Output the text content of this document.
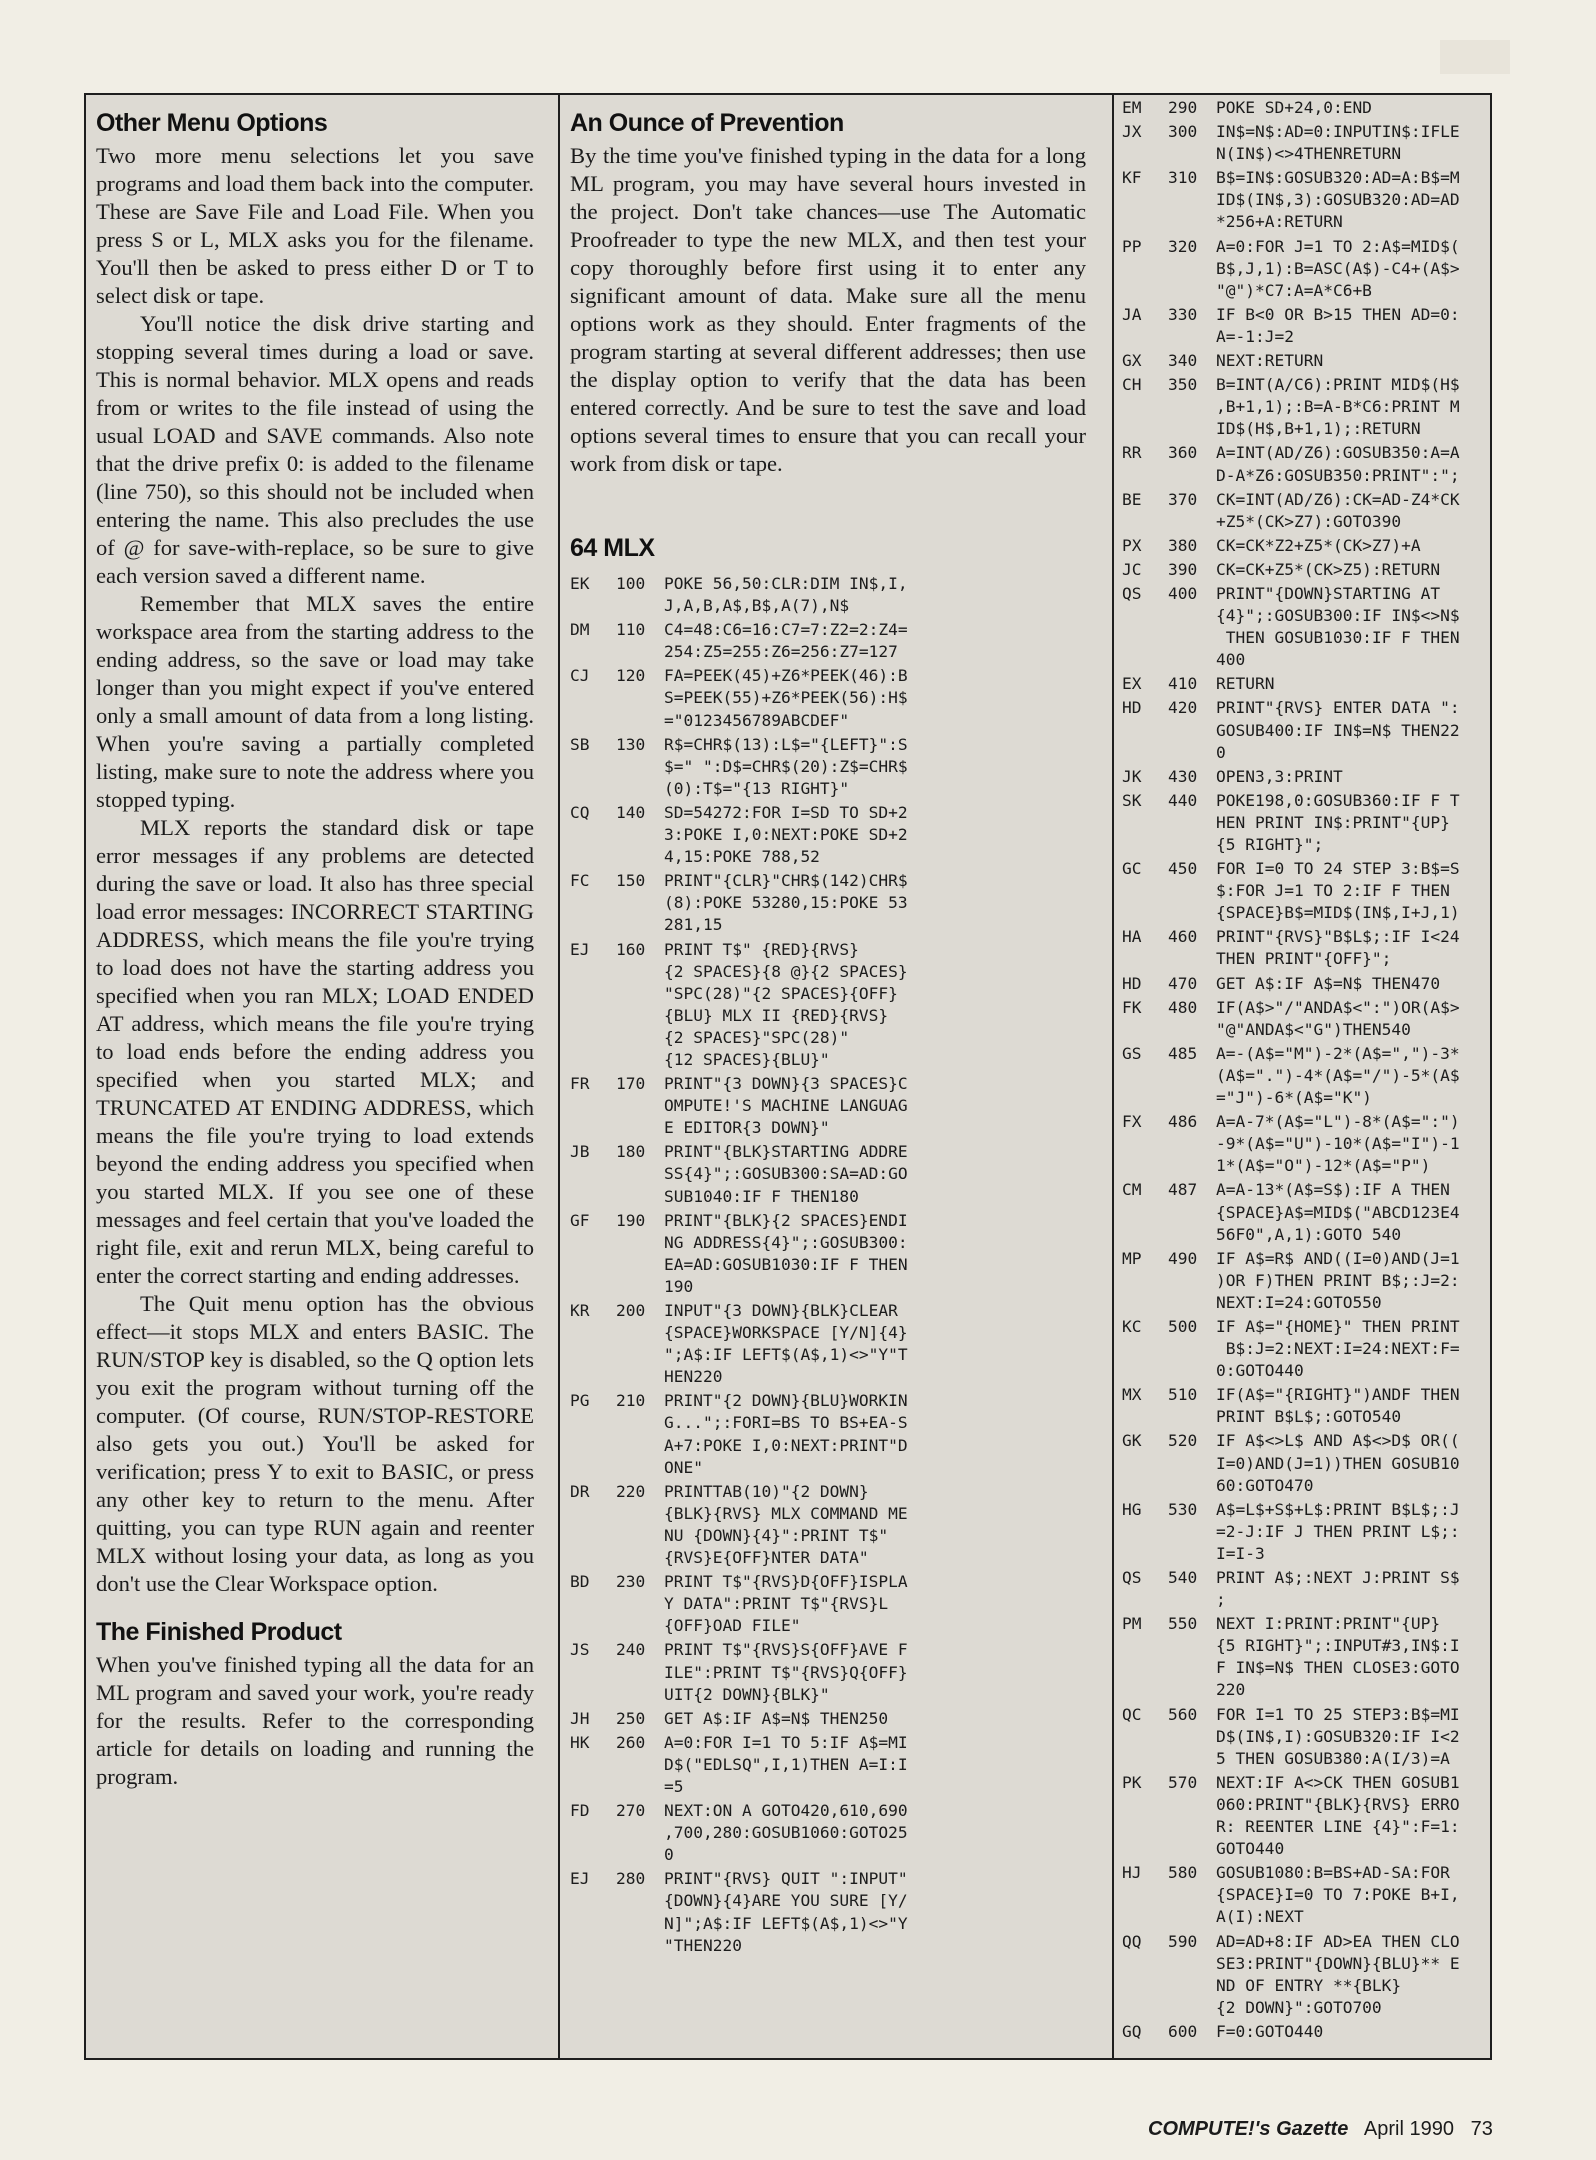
Other Menu Options

Two more menu selections let you save programs and load them back into the computer. These are Save File and Load File. When you press S or L, MLX asks you for the filename. You'll then be asked to press either D or T to select disk or tape.

You'll notice the disk drive starting and stopping several times during a load or save. This is normal behavior. MLX opens and reads from or writes to the file instead of using the usual LOAD and SAVE commands. Also note that the drive prefix 0: is added to the filename (line 750), so this should not be included when entering the name. This also precludes the use of @ for save-with-replace, so be sure to give each version saved a different name.

Remember that MLX saves the entire workspace area from the starting address to the ending address, so the save or load may take longer than you might expect if you've entered only a small amount of data from a long listing. When you're saving a partially completed listing, make sure to note the address where you stopped typing.

MLX reports the standard disk or tape error messages if any problems are detected during the save or load. It also has three special load error messages: INCORRECT STARTING ADDRESS, which means the file you're trying to load does not have the starting address you specified when you ran MLX; LOAD ENDED AT address, which means the file you're trying to load ends before the ending address you specified when you started MLX; and TRUNCATED AT ENDING ADDRESS, which means the file you're trying to load extends beyond the ending address you specified when you started MLX. If you see one of these messages and feel certain that you've loaded the right file, exit and rerun MLX, being careful to enter the correct starting and ending addresses.

The Quit menu option has the obvious effect—it stops MLX and enters BASIC. The RUN/STOP key is disabled, so the Q option lets you exit the program without turning off the computer. (Of course, RUN/STOP-RESTORE also gets you out.) You'll be asked for verification; press Y to exit to BASIC, or press any other key to return to the menu. After quitting, you can type RUN again and reenter MLX without losing your data, as long as you don't use the Clear Workspace option.

The Finished Product

When you've finished typing all the data for an ML program and saved your work, you're ready for the results. Refer to the corresponding article for details on loading and running the program.

An Ounce of Prevention

By the time you've finished typing in the data for a long ML program, you may have several hours invested in the project. Don't take chances—use The Automatic Proofreader to type the new MLX, and then test your copy thoroughly before first using it to enter any significant amount of data. Make sure all the menu options work as they should. Enter fragments of the program starting at several different addresses; then use the display option to verify that the data has been entered correctly. And be sure to test the save and load options several times to ensure that you can recall your work from disk or tape.

64 MLX
EK	100	POKE 56,50:CLR:DIM IN$,I,
J,A,B,A$,B$,A(7),N$
DM	110	C4=48:C6=16:C7=7:Z2=2:Z4=
254:Z5=255:Z6=256:Z7=127
CJ	120	FA=PEEK(45)+Z6*PEEK(46):B
S=PEEK(55)+Z6*PEEK(56):H$
="0123456789ABCDEF"
SB	130	R$=CHR$(13):L$="{LEFT}":S
$=" ":D$=CHR$(20):Z$=CHR$
(0):T$="{13 RIGHT}"
CQ	140	SD=54272:FOR I=SD TO SD+2
3:POKE I,0:NEXT:POKE SD+2
4,15:POKE 788,52
FC	150	PRINT"{CLR}"CHR$(142)CHR$
(8):POKE 53280,15:POKE 53
281,15
EJ	160	PRINT T$" {RED}{RVS}
{2 SPACES}{8 @}{2 SPACES}
"SPC(28)"{2 SPACES}{OFF}
{BLU} MLX II {RED}{RVS}
{2 SPACES}"SPC(28)"
{12 SPACES}{BLU}"
FR	170	PRINT"{3 DOWN}{3 SPACES}C
OMPUTE!'S MACHINE LANGUAG
E EDITOR{3 DOWN}"
JB	180	PRINT"{BLK}STARTING ADDRE
SS{4}";:GOSUB300:SA=AD:GO
SUB1040:IF F THEN180
GF	190	PRINT"{BLK}{2 SPACES}ENDI
NG ADDRESS{4}";:GOSUB300:
EA=AD:GOSUB1030:IF F THEN
190
KR	200	INPUT"{3 DOWN}{BLK}CLEAR
{SPACE}WORKSPACE [Y/N]{4}
";A$:IF LEFT$(A$,1)<>"Y"T
HEN220
PG	210	PRINT"{2 DOWN}{BLU}WORKIN
G...";:FORI=BS TO BS+EA-S
A+7:POKE I,0:NEXT:PRINT"D
ONE"
DR	220	PRINTTAB(10)"{2 DOWN}
{BLK}{RVS} MLX COMMAND ME
NU {DOWN}{4}":PRINT T$"
{RVS}E{OFF}NTER DATA"
BD	230	PRINT T$"{RVS}D{OFF}ISPLA
Y DATA":PRINT T$"{RVS}L
{OFF}OAD FILE"
JS	240	PRINT T$"{RVS}S{OFF}AVE F
ILE":PRINT T$"{RVS}Q{OFF}
UIT{2 DOWN}{BLK}"
JH	250	GET A$:IF A$=N$ THEN250
HK	260	A=0:FOR I=1 TO 5:IF A$=MI
D$("EDLSQ",I,1)THEN A=I:I
=5
FD	270	NEXT:ON A GOTO420,610,690
,700,280:GOSUB1060:GOTO25
0
EJ	280	PRINT"{RVS} QUIT ":INPUT"
{DOWN}{4}ARE YOU SURE [Y/
N]";A$:IF LEFT$(A$,1)<>"Y
"THEN220
EM	290	POKE SD+24,0:END
JX	300	IN$=N$:AD=0:INPUTIN$:IFLE
N(IN$)<>4THENRETURN
KF	310	B$=IN$:GOSUB320:AD=A:B$=M
ID$(IN$,3):GOSUB320:AD=AD
*256+A:RETURN
PP	320	A=0:FOR J=1 TO 2:A$=MID$(
B$,J,1):B=ASC(A$)-C4+(A$>
"@")*C7:A=A*C6+B
JA	330	IF B<0 OR B>15 THEN AD=0:
A=-1:J=2
GX	340	NEXT:RETURN
CH	350	B=INT(A/C6):PRINT MID$(H$
,B+1,1);:B=A-B*C6:PRINT M
ID$(H$,B+1,1);:RETURN
RR	360	A=INT(AD/Z6):GOSUB350:A=A
D-A*Z6:GOSUB350:PRINT":";
BE	370	CK=INT(AD/Z6):CK=AD-Z4*CK
+Z5*(CK>Z7):GOTO390
PX	380	CK=CK*Z2+Z5*(CK>Z7)+A
JC	390	CK=CK+Z5*(CK>Z5):RETURN
QS	400	PRINT"{DOWN}STARTING AT
{4}";:GOSUB300:IF IN$<>N$
THEN GOSUB1030:IF F THEN
400
EX	410	RETURN
HD	420	PRINT"{RVS} ENTER DATA ":
GOSUB400:IF IN$=N$ THEN22
0
JK	430	OPEN3,3:PRINT
SK	440	POKE198,0:GOSUB360:IF F T
HEN PRINT IN$:PRINT"{UP}
{5 RIGHT}";
GC	450	FOR I=0 TO 24 STEP 3:B$=S
$:FOR J=1 TO 2:IF F THEN
{SPACE}B$=MID$(IN$,I+J,1)
HA	460	PRINT"{RVS}"B$L$;:IF I<24
THEN PRINT"{OFF}";
HD	470	GET A$:IF A$=N$ THEN470
FK	480	IF(A$>"/"ANDA$<":")OR(A$>
"@"ANDA$<"G")THEN540
GS	485	A=-(A$="M")-2*(A$=",")-3*
(A$=".")-4*(A$="/")-5*(A$
="J")-6*(A$="K")
FX	486	A=A-7*(A$="L")-8*(A$=":")
-9*(A$="U")-10*(A$="I")-1
1*(A$="O")-12*(A$="P")
CM	487	A=A-13*(A$=S$):IF A THEN
{SPACE}A$=MID$("ABCD123E4
56F0",A,1):GOTO 540
MP	490	IF A$=R$ AND((I=0)AND(J=1
)OR F)THEN PRINT B$;:J=2:
NEXT:I=24:GOTO550
KC	500	IF A$="{HOME}" THEN PRINT
B$:J=2:NEXT:I=24:NEXT:F=
0:GOTO440
MX	510	IF(A$="{RIGHT}")ANDF THEN
PRINT B$L$;:GOTO540
GK	520	IF A$<>L$ AND A$<>D$ OR((
I=0)AND(J=1))THEN GOSUB10
60:GOTO470
HG	530	A$=L$+S$+L$:PRINT B$L$;:J
=2-J:IF J THEN PRINT L$;:
I=I-3
QS	540	PRINT A$;:NEXT J:PRINT S$
;
PM	550	NEXT I:PRINT:PRINT"{UP}
{5 RIGHT}";:INPUT#3,IN$:I
F IN$=N$ THEN CLOSE3:GOTO
220
QC	560	FOR I=1 TO 25 STEP3:B$=MI
D$(IN$,I):GOSUB320:IF I<2
5 THEN GOSUB380:A(I/3)=A
PK	570	NEXT:IF A<>CK THEN GOSUB1
060:PRINT"{BLK}{RVS} ERRO
R: REENTER LINE {4}":F=1:
GOTO440
HJ	580	GOSUB1080:B=BS+AD-SA:FOR
{SPACE}I=0 TO 7:POKE B+I,
A(I):NEXT
QQ	590	AD=AD+8:IF AD>EA THEN CLO
SE3:PRINT"{DOWN}{BLU}** E
ND OF ENTRY **{BLK}
{2 DOWN}":GOTO700
GQ	600	F=0:GOTO440
COMPUTE!'s Gazette April 1990 73
